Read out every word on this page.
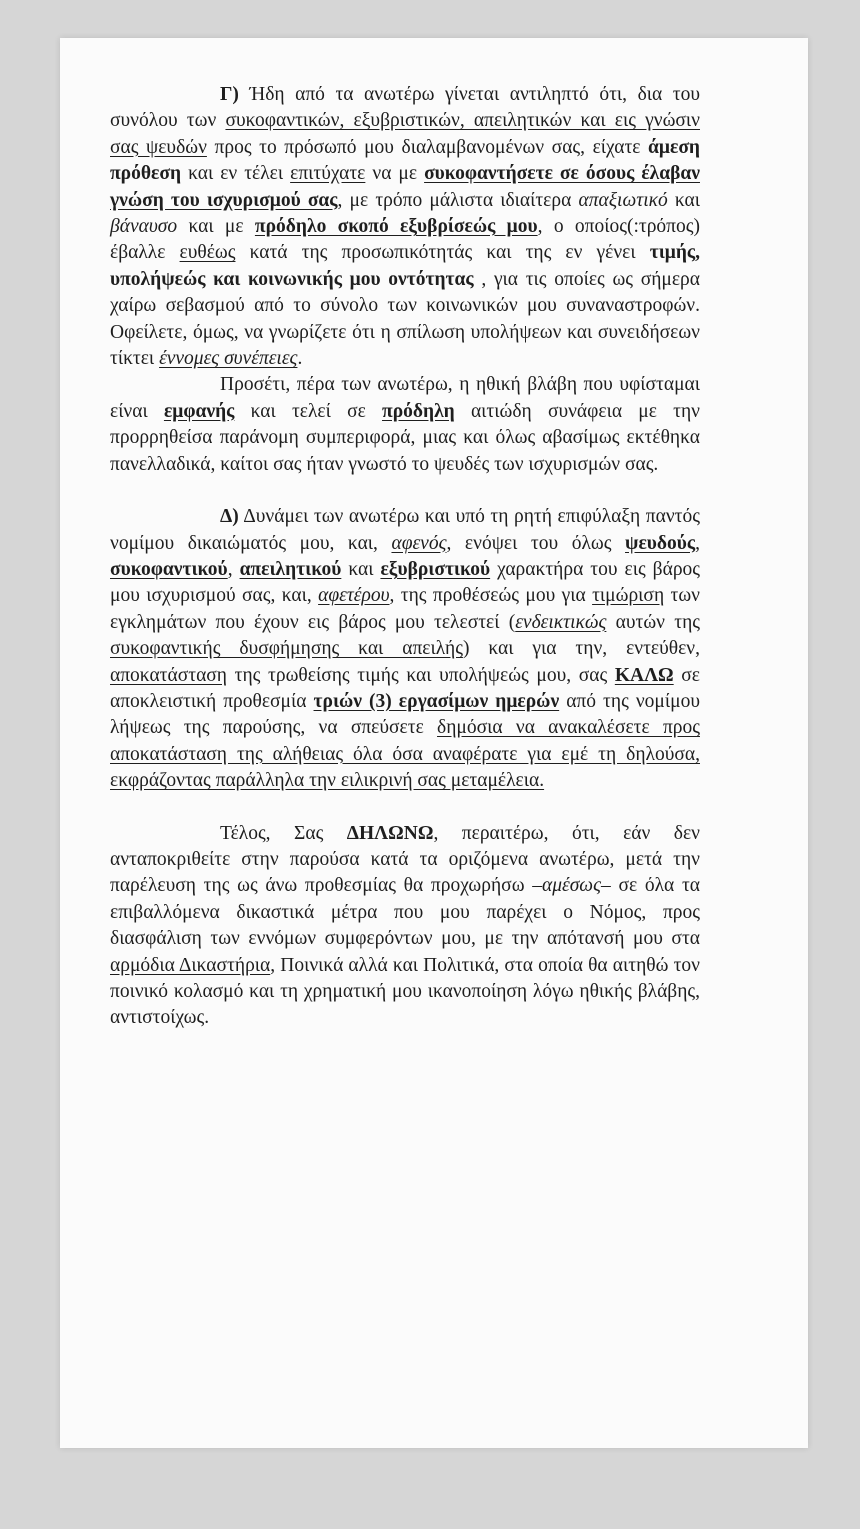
Γ) Ήδη από τα ανωτέρω γίνεται αντιληπτό ότι, δια του συνόλου των συκοφαντικών, εξυβριστικών, απειλητικών και εις γνώσιν σας ψευδών προς το πρόσωπό μου διαλαμβανομένων σας, είχατε άμεση πρόθεση και εν τέλει επιτύχατε να με συκοφαντήσετε σε όσους έλαβαν γνώση του ισχυρισμού σας, με τρόπο μάλιστα ιδιαίτερα απαξιωτικό και βάναυσο και με πρόδηλο σκοπό εξυβρίσεώς μου, ο οποίος(:τρόπος) έβαλλε ευθέως κατά της προσωπικότητάς και της εν γένει τιμής, υπολήψεώς και κοινωνικής μου οντότητας , για τις οποίες ως σήμερα χαίρω σεβασμού από το σύνολο των κοινωνικών μου συναναστροφών. Οφείλετε, όμως, να γνωρίζετε ότι η σπίλωση υπολήψεων και συνειδήσεων τίκτει έννομες συνέπειες.

Προσέτι, πέρα των ανωτέρω, η ηθική βλάβη που υφίσταμαι είναι εμφανής και τελεί σε πρόδηλη αιτιώδη συνάφεια με την προρρηθείσα παράνομη συμπεριφορά, μιας και όλως αβασίμως εκτέθηκα πανελλαδικά, καίτοι σας ήταν γνωστό το ψευδές των ισχυρισμών σας.

Δ) Δυνάμει των ανωτέρω και υπό τη ρητή επιφύλαξη παντός νομίμου δικαιώματός μου, και, αφενός, ενόψει του όλως ψευδούς, συκοφαντικού, απειλητικού και εξυβριστικού χαρακτήρα του εις βάρος μου ισχυρισμού σας, και, αφετέρου, της προθέσεώς μου για τιμώριση των εγκλημάτων που έχουν εις βάρος μου τελεστεί (ενδεικτικώς αυτών της συκοφαντικής δυσφήμησης και απειλής) και για την, εντεύθεν, αποκατάσταση της τρωθείσης τιμής και υπολήψεώς μου, σας ΚΑΛΩ σε αποκλειστική προθεσμία τριών (3) εργασίμων ημερών από της νομίμου λήψεως της παρούσης, να σπεύσετε δημόσια να ανακαλέσετε προς αποκατάσταση της αλήθειας όλα όσα αναφέρατε για εμέ τη δηλούσα, εκφράζοντας παράλληλα την ειλικρινή σας μεταμέλεια.

Τέλος, Σας ΔΗΛΩΝΩ, περαιτέρω, ότι, εάν δεν ανταποκριθείτε στην παρούσα κατά τα οριζόμενα ανωτέρω, μετά την παρέλευση της ως άνω προθεσμίας θα προχωρήσω –αμέσως– σε όλα τα επιβαλλόμενα δικαστικά μέτρα που μου παρέχει ο Νόμος, προς διασφάλιση των εννόμων συμφερόντων μου, με την απότανσή μου στα αρμόδια Δικαστήρια, Ποινικά αλλά και Πολιτικά, στα οποία θα αιτηθώ τον ποινικό κολασμό και τη χρηματική μου ικανοποίηση λόγω ηθικής βλάβης, αντιστοίχως.
